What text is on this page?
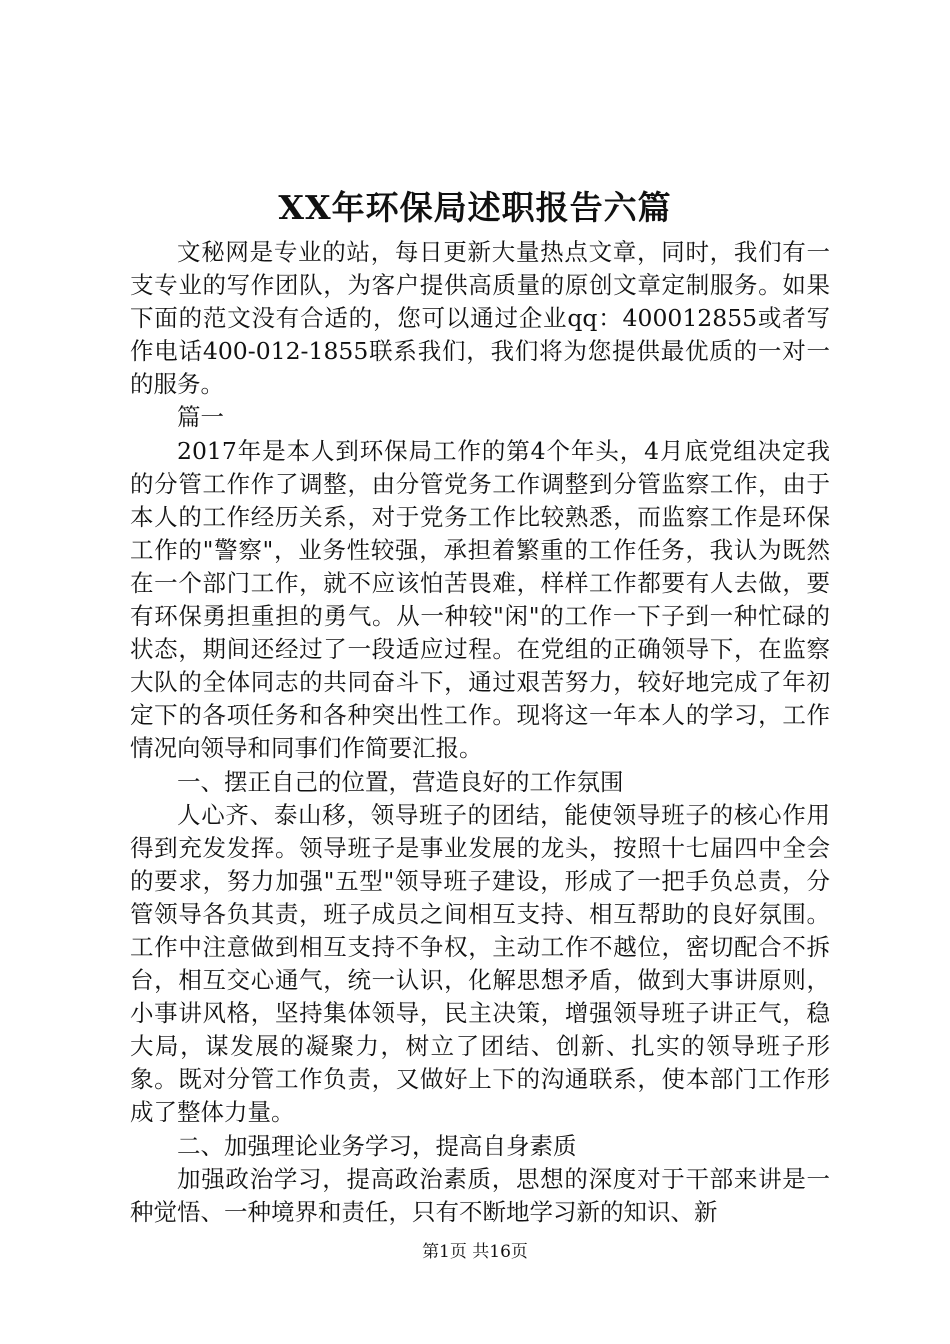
XX年环保局述职报告六篇

文秘网是专业的站，每日更新大量热点文章，同时，我们有一支专业的写作团队，为客户提供高质量的原创文章定制服务。如果下面的范文没有合适的，您可以通过企业qq：400012855或者写作电话400-012-1855联系我们，我们将为您提供最优质的一对一的服务。

篇一

2017年是本人到环保局工作的第4个年头，4月底党组决定我的分管工作作了调整，由分管党务工作调整到分管监察工作，由于本人的工作经历关系，对于党务工作比较熟悉，而监察工作是环保工作的"警察"，业务性较强，承担着繁重的工作任务，我认为既然在一个部门工作，就不应该怕苦畏难，样样工作都要有人去做，要有环保勇担重担的勇气。从一种较"闲"的工作一下子到一种忙碌的状态，期间还经过了一段适应过程。在党组的正确领导下，在监察大队的全体同志的共同奋斗下，通过艰苦努力，较好地完成了年初定下的各项任务和各种突出性工作。现将这一年本人的学习，工作情况向领导和同事们作简要汇报。

一、摆正自己的位置，营造良好的工作氛围

人心齐、泰山移，领导班子的团结，能使领导班子的核心作用得到充发发挥。领导班子是事业发展的龙头，按照十七届四中全会的要求，努力加强"五型"领导班子建设，形成了一把手负总责，分管领导各负其责，班子成员之间相互支持、相互帮助的良好氛围。工作中注意做到相互支持不争权，主动工作不越位，密切配合不拆台，相互交心通气，统一认识，化解思想矛盾，做到大事讲原则，小事讲风格，坚持集体领导，民主决策，增强领导班子讲正气，稳大局，谋发展的凝聚力，树立了团结、创新、扎实的领导班子形象。既对分管工作负责，又做好上下的沟通联系，使本部门工作形成了整体力量。

二、加强理论业务学习，提高自身素质

加强政治学习，提高政治素质，思想的深度对于干部来讲是一种觉悟、一种境界和责任，只有不断地学习新的知识、新

第1页 共16页
